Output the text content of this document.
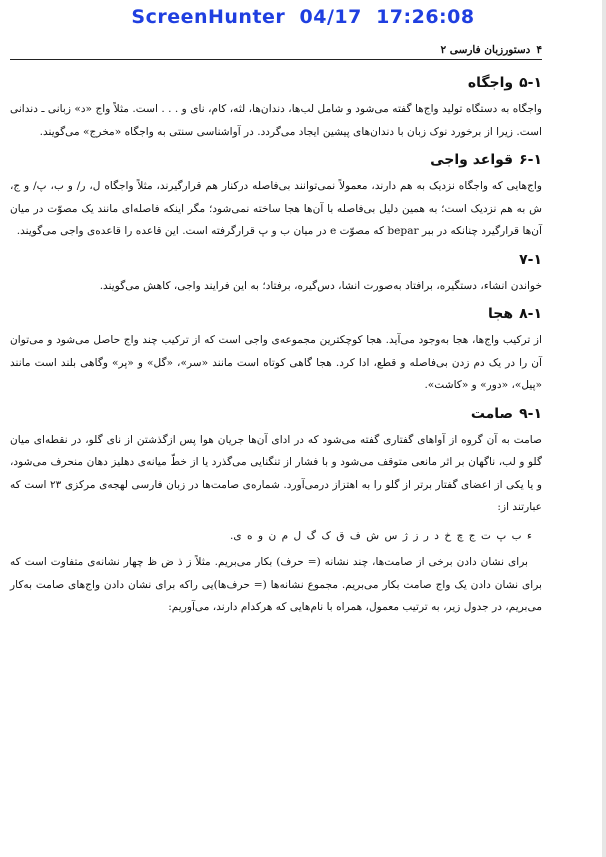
ScreenHunter  04/17  17:26:08
۴
دستورزبان فارسی ۲
۵-۱واجگاه

واجگاه به دستگاه تولید واج‌ها گفته می‌شود و شامل لب‌ها، دندان‌ها، لثه، کام، نای و . . . است. مثلاً واج «د» زبانی ـ دندانی است. زیرا از برخورد نوک زبان با دندان‌های پیشین ایجاد می‌گردد. در آواشناسی سنتی به واجگاه «مخرج» می‌گویند.

۶-۱قواعد واجی

واج‌هایی که واجگاه نزدیک به هم دارند، معمولاً نمی‌توانند بی‌فاصله درکنار هم قرارگیرند، مثلاً واجگاه ل، ر/ و ب، پ/ و ج، ش به هم نزدیک است؛ به همین دلیل بی‌فاصله با آن‌ها هجا ساخته نمی‌شود؛ مگر اینکه فاصله‌ای مانند یک مصوّت در میان آن‌ها قرارگیرد چنانکه در ببر bepar که مصوّت e در میان ب و پ قرارگرفته است. این قاعده را قاعده‌ی واجی می‌گویند.

۷-۱

خواندن انشاء، دستگیره، برافتاد به‌صورت انشا، دس‌گیره، برفتاد؛ به این فرایند واجی، کاهش می‌گویند.

۸-۱هجا

از ترکیب واج‌ها، هجا به‌وجود می‌آید. هجا کوچکترین مجموعه‌ی واجی است که از ترکیب چند واج حاصل می‌شود و می‌توان آن را در یک دم زدن بی‌فاصله و قطع، ادا کرد. هجا گاهی کوتاه است مانند «سر»، «گل» و «پر» وگاهی بلند است مانند «پیل»، «دور» و «کاشت».

۹-۱صامت

صامت به آن گروه از آواهای گفتاری گفته می‌شود که در ادای آن‌ها جریان هوا پس ازگذشتن از نای‌ گلو، در نقطه‌ای میان گلو و لب، ناگهان بر اثر مانعی متوقف می‌شود و با فشار از تنگنایی می‌گذرد یا از خطّ میانه‌ی دهلیز دهان منحرف می‌شود، و یا یکی از اعضای گفتار برتر از گلو را به اهتزاز درمی‌آورد. شماره‌ی صامت‌ها در زبان فارسی لهجه‌ی مرکزی ۲۳ است که عبارتند از:

ء ب پ ت ج چ خ د ر ز ژ س ش ف ق ک گ ل م ن و ه ی.

برای نشان دادن برخی از صامت‌ها، چند نشانه (= حرف) بکار می‌بریم. مثلاً ز ذ ض ظ چهار نشانه‌ی متفاوت است که برای نشان دادن یک واج صامت بکار می‌بریم. مجموع نشانه‌ها (= حرف‌ها)یی راکه برای نشان دادن واج‌های صامت به‌کار می‌بریم، در جدول زیر، به ترتیب معمول، همراه با نام‌هایی که هرکدام دارند، می‌آوریم:
